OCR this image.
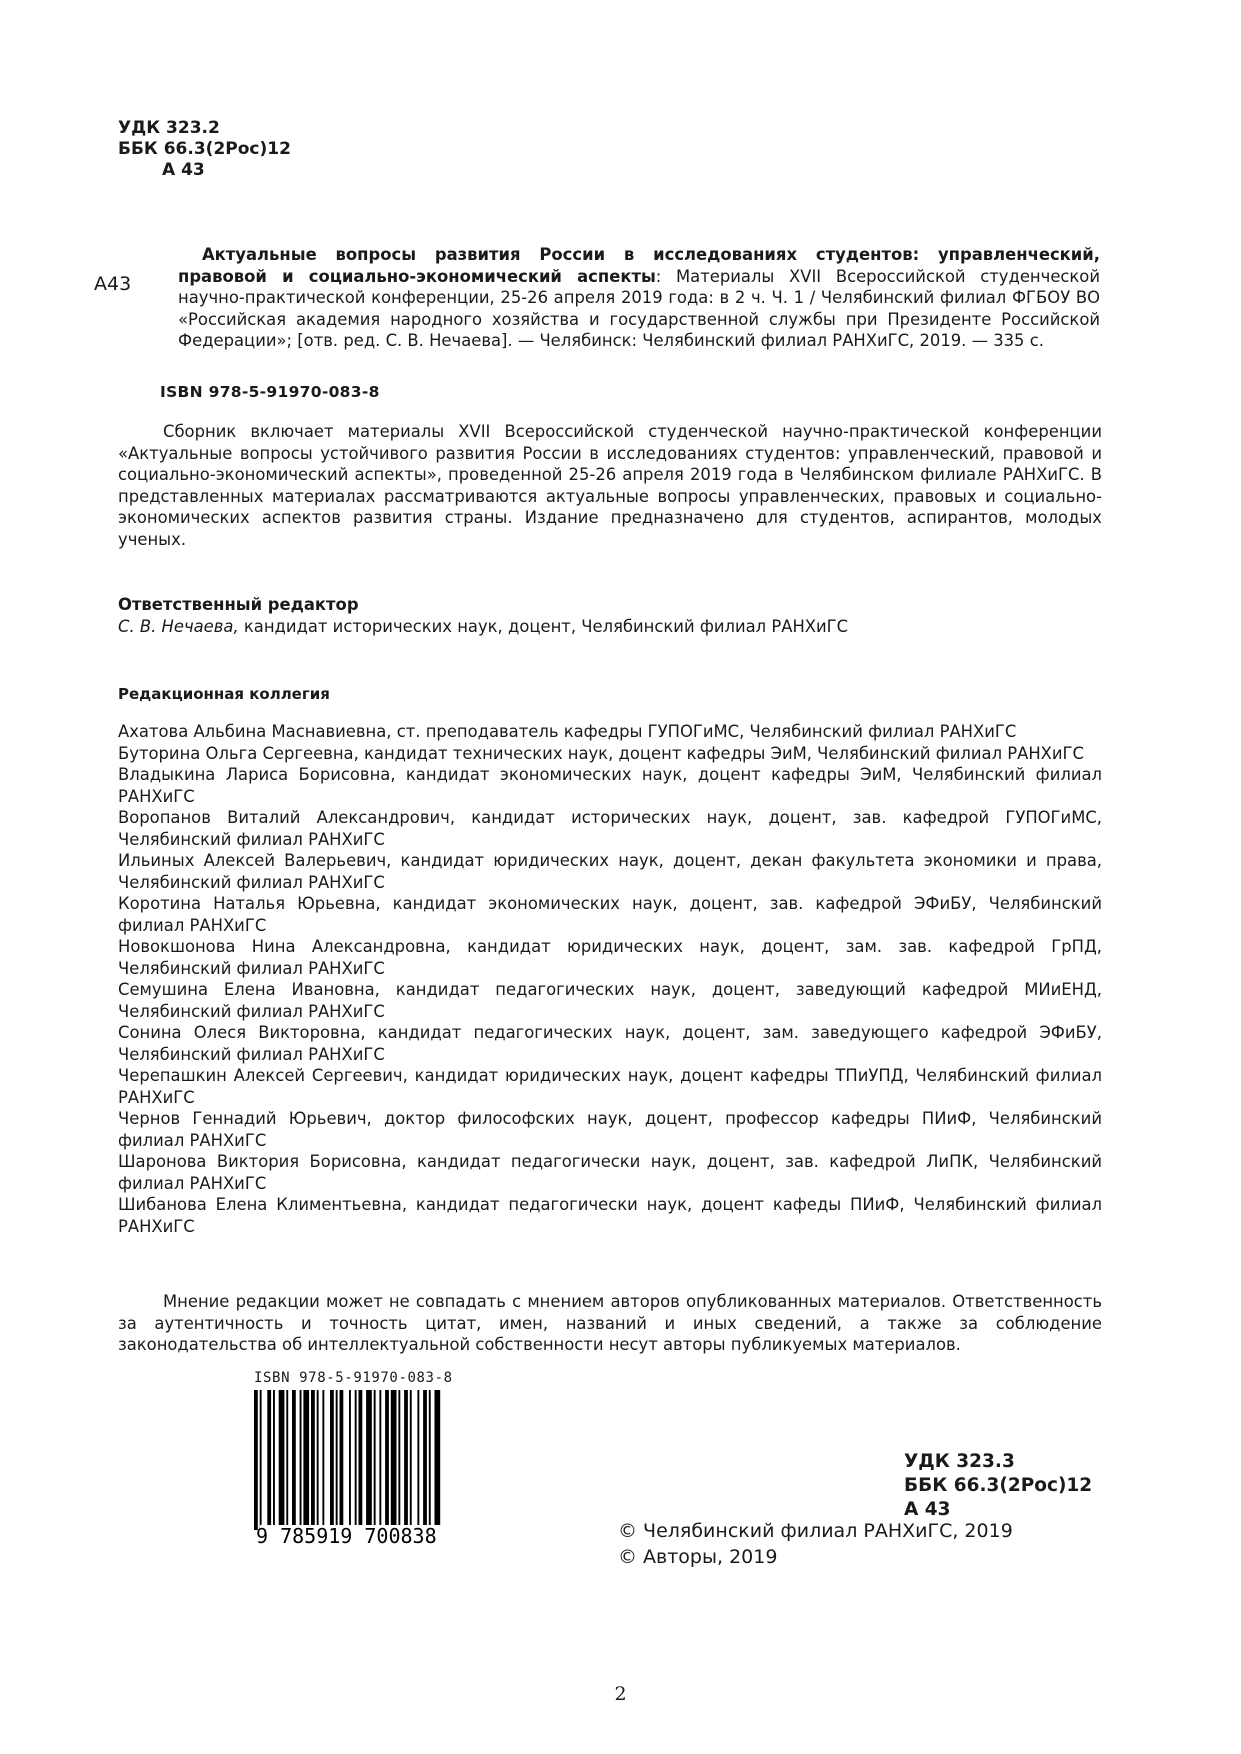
УДК 323.2
ББК 66.3(2Рос)12
А 43
А43
Актуальные вопросы развития России в исследованиях студентов: управленческий, правовой и социально-экономический аспекты: Материалы XVII Всероссийской студенческой научно-практической конференции, 25-26 апреля 2019 года: в 2 ч. Ч. 1 / Челябинский филиал ФГБОУ ВО «Российская академия народного хозяйства и государственной службы при Президенте Российской Федерации»; [отв. ред. С. В. Нечаева]. — Челябинск: Челябинский филиал РАНХиГС, 2019. — 335 с.
ISBN 978-5-91970-083-8
Сборник включает материалы XVII Всероссийской студенческой научно-практической конференции «Актуальные вопросы устойчивого развития России в исследованиях студентов: управленческий, правовой и социально-экономический аспекты», проведенной 25-26 апреля 2019 года в Челябинском филиале РАНХиГС. В представленных материалах рассматриваются актуальные вопросы управленческих, правовых и социально-экономических аспектов развития страны. Издание предназначено для студентов, аспирантов, молодых ученых.
Ответственный редактор
С. В. Нечаева, кандидат исторических наук, доцент, Челябинский филиал РАНХиГС
Редакционная коллегия

Ахатова Альбина Маснавиевна, ст. преподаватель кафедры ГУПОГиМС, Челябинский филиал РАНХиГС

Буторина Ольга Сергеевна, кандидат технических наук, доцент кафедры ЭиМ, Челябинский филиал РАНХиГС

Владыкина Лариса Борисовна, кандидат экономических наук, доцент кафедры ЭиМ, Челябинский филиал РАНХиГС

Воропанов Виталий Александрович, кандидат исторических наук, доцент, зав. кафедрой ГУПОГиМС, Челябинский филиал РАНХиГС

Ильиных Алексей Валерьевич, кандидат юридических наук, доцент, декан факультета экономики и права, Челябинский филиал РАНХиГС

Коротина Наталья Юрьевна, кандидат экономических наук, доцент, зав. кафедрой ЭФиБУ, Челябинский филиал РАНХиГС

Новокшонова Нина Александровна, кандидат юридических наук, доцент, зам. зав. кафедрой ГрПД, Челябинский филиал РАНХиГС

Семушина Елена Ивановна, кандидат педагогических наук, доцент, заведующий кафедрой МИиЕНД, Челябинский филиал РАНХиГС

Сонина Олеся Викторовна, кандидат педагогических наук, доцент, зам. заведующего кафедрой ЭФиБУ, Челябинский филиал РАНХиГС

Черепашкин Алексей Сергеевич, кандидат юридических наук, доцент кафедры ТПиУПД, Челябинский филиал РАНХиГС

Чернов Геннадий Юрьевич, доктор философских наук, доцент, профессор кафедры ПИиФ, Челябинский филиал РАНХиГС

Шаронова Виктория Борисовна, кандидат педагогически наук, доцент, зав. кафедрой ЛиПК, Челябинский филиал РАНХиГС

Шибанова Елена Климентьевна, кандидат педагогически наук, доцент кафеды ПИиФ, Челябинский филиал РАНХиГС

Мнение редакции может не совпадать с мнением авторов опубликованных материалов. Ответственность за аутентичность и точность цитат, имен, названий и иных сведений, а также за соблюдение законодательства об интеллектуальной собственности несут авторы публикуемых материалов.
ISBN 978-5-91970-083-8
9 785919 700838
УДК 323.3
ББК 66.3(2Рос)12
А 43
© Челябинский филиал РАНХиГС, 2019
© Авторы, 2019
2
